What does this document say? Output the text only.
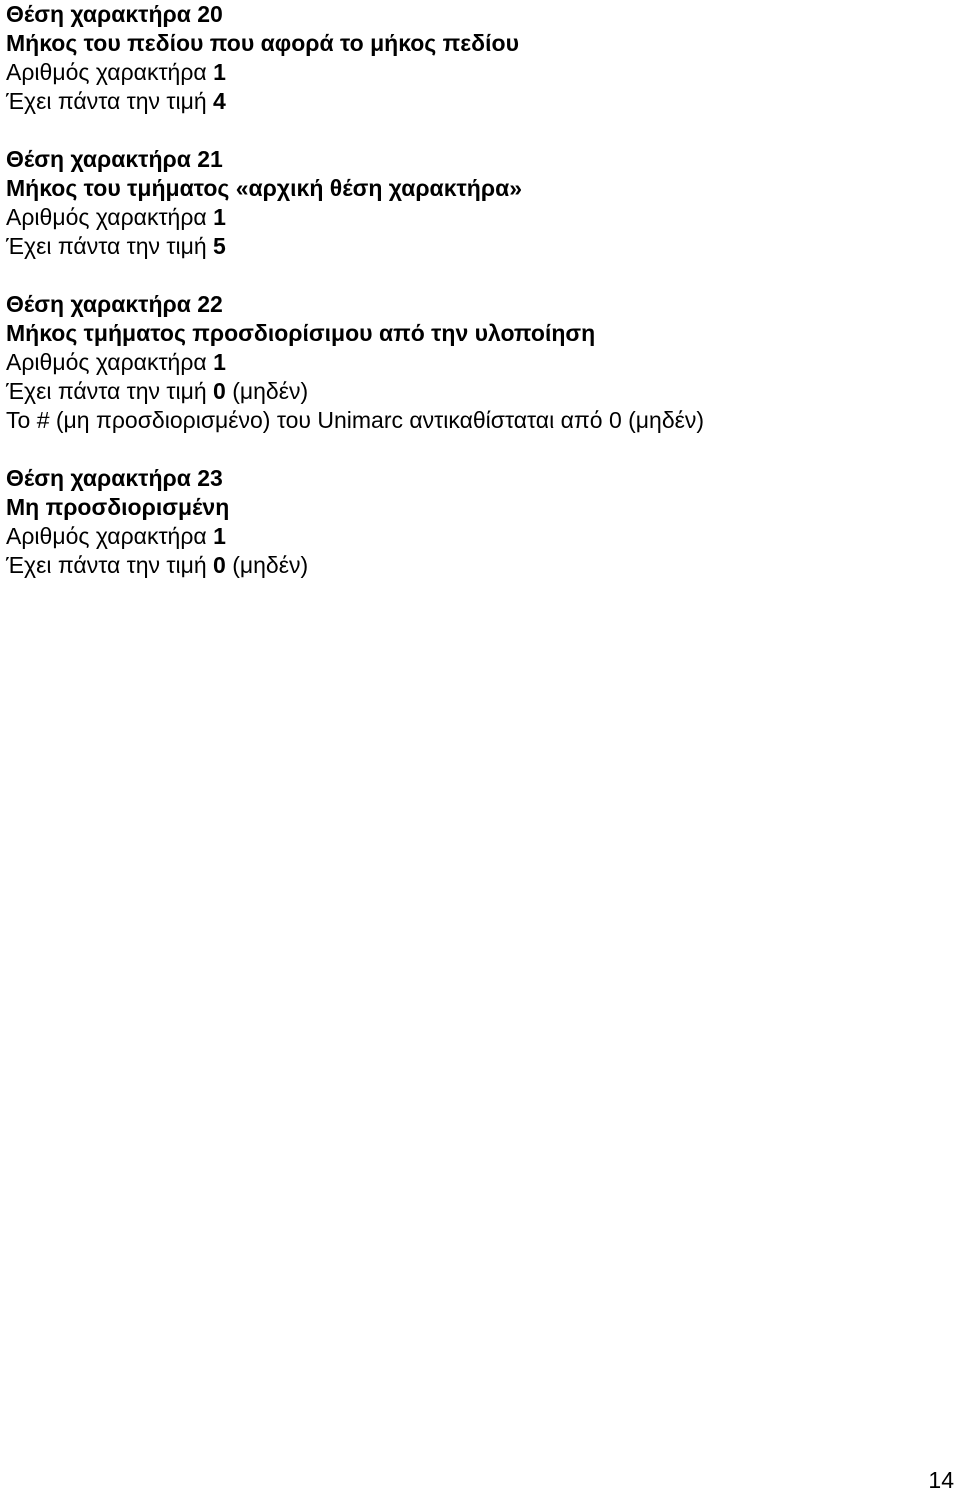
Θέση χαρακτήρα 20
Μήκος του πεδίου που αφορά το μήκος πεδίου
Αριθμός χαρακτήρα 1
Έχει πάντα την τιμή 4
Θέση χαρακτήρα 21
Μήκος του τμήματος «αρχική θέση χαρακτήρα»
Αριθμός χαρακτήρα 1
Έχει πάντα την τιμή 5
Θέση χαρακτήρα 22
Μήκος τμήματος προσδιορίσιμου από την υλοποίηση
Αριθμός χαρακτήρα 1
Έχει πάντα την τιμή 0 (μηδέν)
Το # (μη προσδιορισμένο) του Unimarc αντικαθίσταται από 0 (μηδέν)
Θέση χαρακτήρα 23
Μη προσδιορισμένη
Αριθμός χαρακτήρα 1
Έχει πάντα την τιμή 0 (μηδέν)
14
